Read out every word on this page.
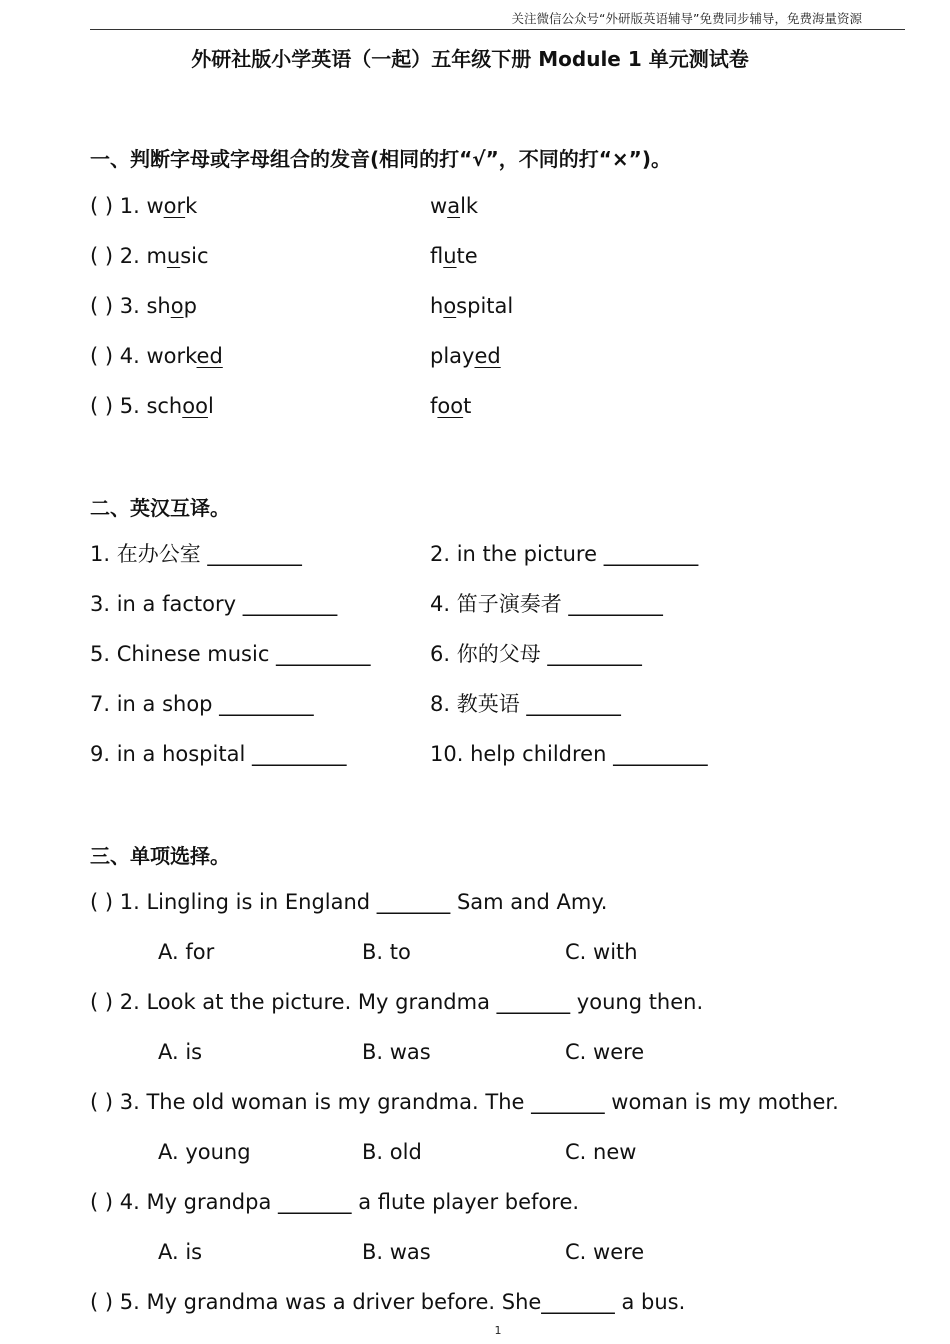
关注微信公众号“外研版英语辅导”免费同步辅导，免费海量资源
外研社版小学英语（一起）五年级下册 Module 1 单元测试卷
一、判断字母或字母组合的发音(相同的打“√”，不同的打“×”)。
( ) 1. work	walk
( ) 2. music	flute
( ) 3. shop	hospital
( ) 4. worked	played
( ) 5. school	foot
二、英汉互译。
1. 在办公室 _________	2. in the picture _________
3. in a factory _________	4. 笛子演奏者 _________
5. Chinese music _________	6. 你的父母 _________
7. in a shop _________	8. 教英语 _________
9. in a hospital _________	10. help children _________
三、单项选择。
( ) 1. Lingling is in England _______ Sam and Amy.
A. for	B. to	C. with
( ) 2. Look at the picture. My grandma _______ young then.
A. is	B. was	C. were
( ) 3. The old woman is my grandma. The _______ woman is my mother.
A. young	B. old	C. new
( ) 4. My grandpa _______ a flute player before.
A. is	B. was	C. were
( ) 5. My grandma was a driver before. She_______ a bus.
1
